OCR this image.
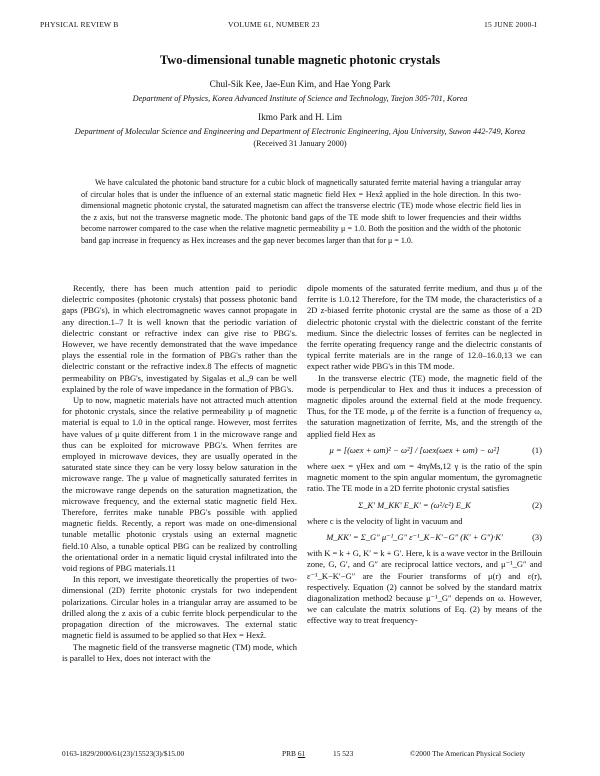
PHYSICAL REVIEW B	VOLUME 61, NUMBER 23	15 JUNE 2000-I
Two-dimensional tunable magnetic photonic crystals
Chul-Sik Kee, Jae-Eun Kim, and Hae Yong Park
Department of Physics, Korea Advanced Institute of Science and Technology, Taejon 305-701, Korea
Ikmo Park and H. Lim
Department of Molecular Science and Engineering and Department of Electronic Engineering, Ajou University, Suwon 442-749, Korea
(Received 31 January 2000)

We have calculated the photonic band structure for a cubic block of magnetically saturated ferrite material having a triangular array of circular holes that is under the influence of an external static magnetic field Hex = Hexẑ applied in the hole direction. In this two-dimensional magnetic photonic crystal, the saturated magnetism can affect the transverse electric (TE) mode whose electric field lies in the z axis, but not the transverse magnetic mode. The photonic band gaps of the TE mode shift to lower frequencies and their widths become narrower compared to the case when the relative magnetic permeability μ = 1.0. Both the position and the width of the photonic band gap increase in frequency as Hex increases and the gap never becomes larger than that for μ = 1.0.

Recently, there has been much attention paid to periodic dielectric composites (photonic crystals) that possess photonic band gaps (PBG's), in which electromagnetic waves cannot propagate in any direction.1–7 It is well known that the periodic variation of dielectric constant or refractive index can give rise to PBG's. However, we have recently demonstrated that the wave impedance plays the essential role in the formation of PBG's rather than the dielectric constant or the refractive index.8 The effects of magnetic permeability on PBG's, investigated by Sigalas et al.,9 can be well explained by the role of wave impedance in the formation of PBG's.

Up to now, magnetic materials have not attracted much attention for photonic crystals, since the relative permeability μ of magnetic material is equal to 1.0 in the optical range. However, most ferrites have values of μ quite different from 1 in the microwave range and thus can be exploited for microwave PBG's. When ferrites are employed in microwave devices, they are usually operated in the saturated state since they can be very lossy below saturation in the microwave range. The μ value of magnetically saturated ferrites in the microwave range depends on the saturation magnetization, the microwave frequency, and the external static magnetic field Hex. Therefore, ferrites make tunable PBG's possible with applied magnetic fields. Recently, a report was made on one-dimensional tunable metallic photonic crystals using an external magnetic field.10 Also, a tunable optical PBG can be realized by controlling the orientational order in a nematic liquid crystal infiltrated into the void regions of PBG materials.11

In this report, we investigate theoretically the properties of two-dimensional (2D) ferrite photonic crystals for two independent polarizations. Circular holes in a triangular array are assumed to be drilled along the z axis of a cubic ferrite block perpendicular to the propagation direction of the microwaves. The external static magnetic field is assumed to be applied so that Hex = Hexẑ.

The magnetic field of the transverse magnetic (TM) mode, which is parallel to Hex, does not interact with the

dipole moments of the saturated ferrite medium, and thus μ of the ferrite is 1.0.12 Therefore, for the TM mode, the characteristics of a 2D z-biased ferrite photonic crystal are the same as those of a 2D dielectric photonic crystal with the dielectric constant of the ferrite medium. Since the dielectric losses of ferrites can be neglected in the ferrite operating frequency range and the dielectric constants of typical ferrite materials are in the range of 12.0–16.0,13 we can expect rather wide PBG's in this TM mode.

In the transverse electric (TE) mode, the magnetic field of the mode is perpendicular to Hex and thus it induces a precession of magnetic dipoles around the external field at the mode frequency. Thus, for the TE mode, μ of the ferrite is a function of frequency ω, the saturation magnetization of ferrite, Ms, and the strength of the applied field Hex as

μ = [(ωex + ωm)² − ω²] / [ωex(ωex + ωm) − ω²]	(1)

where ωex = γHex and ωm = 4πγMs,12 γ is the ratio of the spin magnetic moment to the spin angular momentum, the gyromagnetic ratio. The TE mode in a 2D ferrite photonic crystal satisfies

Σ_K′ M_KK′ E_K′ = (ω²/c²) E_K	(2)

where c is the velocity of light in vacuum and

M_KK′ = Σ_G″ μ⁻¹_G″ ε⁻¹_K−K′−G″ (K′ + G″)·K′	(3)

with K = k + G, K′ = k + G′. Here, k is a wave vector in the Brillouin zone, G, G′, and G″ are reciprocal lattice vectors, and μ⁻¹_G″ and ε⁻¹_K−K′−G″ are the Fourier transforms of μ(r) and ε(r), respectively. Equation (2) cannot be solved by the standard matrix diagonalization method2 because μ⁻¹_G″ depends on ω. However, we can calculate the matrix solutions of Eq. (2) by means of the effective way to treat frequency-

0163-1829/2000/61(23)/15523(3)/$15.00	PRB 61	15 523	©2000 The American Physical Society
